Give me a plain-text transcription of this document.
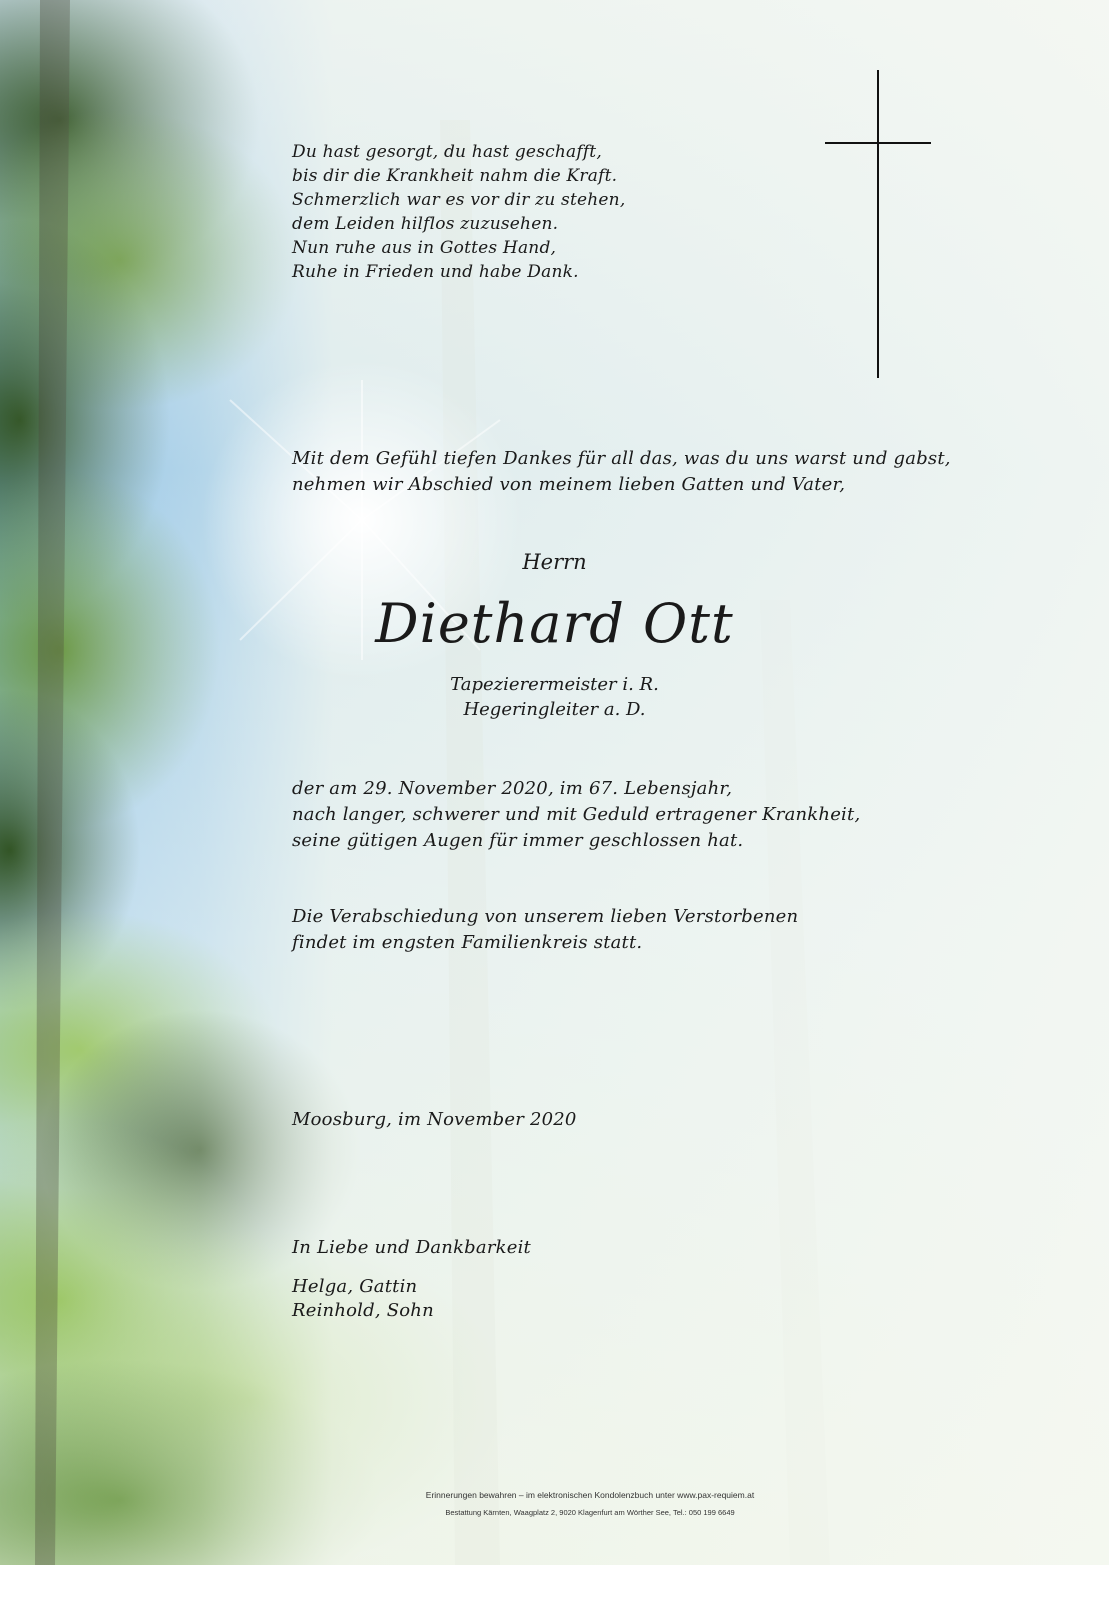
Du hast gesorgt, du hast geschafft,
bis dir die Krankheit nahm die Kraft.
Schmerzlich war es vor dir zu stehen,
dem Leiden hilflos zuzusehen.
Nun ruhe aus in Gottes Hand,
Ruhe in Frieden und habe Dank.
Mit dem Gefühl tiefen Dankes für all das, was du uns warst und gabst,
nehmen wir Abschied von meinem lieben Gatten und Vater,
Herrn
Diethard Ott
Tapezierermeister i. R.
Hegeringleiter a. D.
der am 29. November 2020, im 67. Lebensjahr,
nach langer, schwerer und mit Geduld ertragener Krankheit,
seine gütigen Augen für immer geschlossen hat.
Die Verabschiedung von unserem lieben Verstorbenen
findet im engsten Familienkreis statt.
Moosburg, im November 2020
In Liebe und Dankbarkeit
Helga, Gattin
Reinhold, Sohn
Erinnerungen bewahren – im elektronischen Kondolenzbuch unter www.pax-requiem.at
Bestattung Kärnten, Waagplatz 2, 9020 Klagenfurt am Wörther See, Tel.: 050 199 6649
